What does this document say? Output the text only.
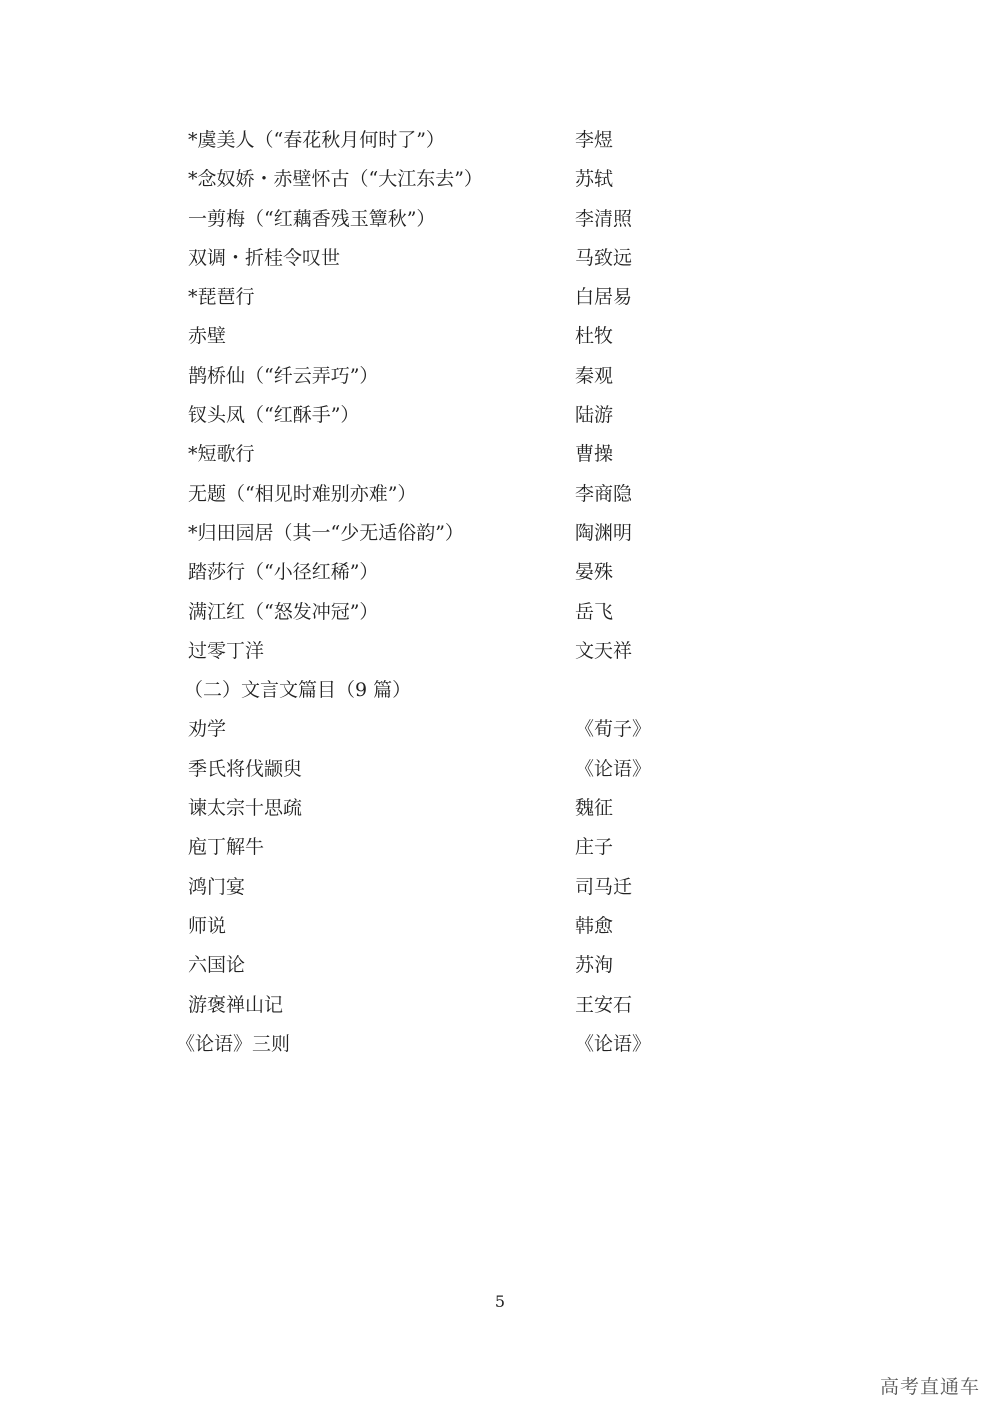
*虞美人（“春花秋月何时了”）	李煜
*念奴娇・赤壁怀古（“大江东去”）	苏轼
一剪梅（“红藕香残玉簟秋”）	李清照
双调・折桂令叹世	马致远
*琵琶行	白居易
赤壁	杜牧
鹊桥仙（“纤云弄巧”）	秦观
钗头凤（“红酥手”）	陆游
*短歌行	曹操
无题（“相见时难别亦难”）	李商隐
*归田园居（其一“少无适俗韵”）	陶渊明
踏莎行（“小径红稀”）	晏殊
满江红（“怒发冲冠”）	岳飞
过零丁洋	文天祥
（二）文言文篇目（9 篇）
劝学	《荀子》
季氏将伐颛臾	《论语》
谏太宗十思疏	魏征
庖丁解牛	庄子
鸿门宴	司马迁
师说	韩愈
六国论	苏洵
游褒禅山记	王安石
《论语》三则	《论语》
5
高考直通车
